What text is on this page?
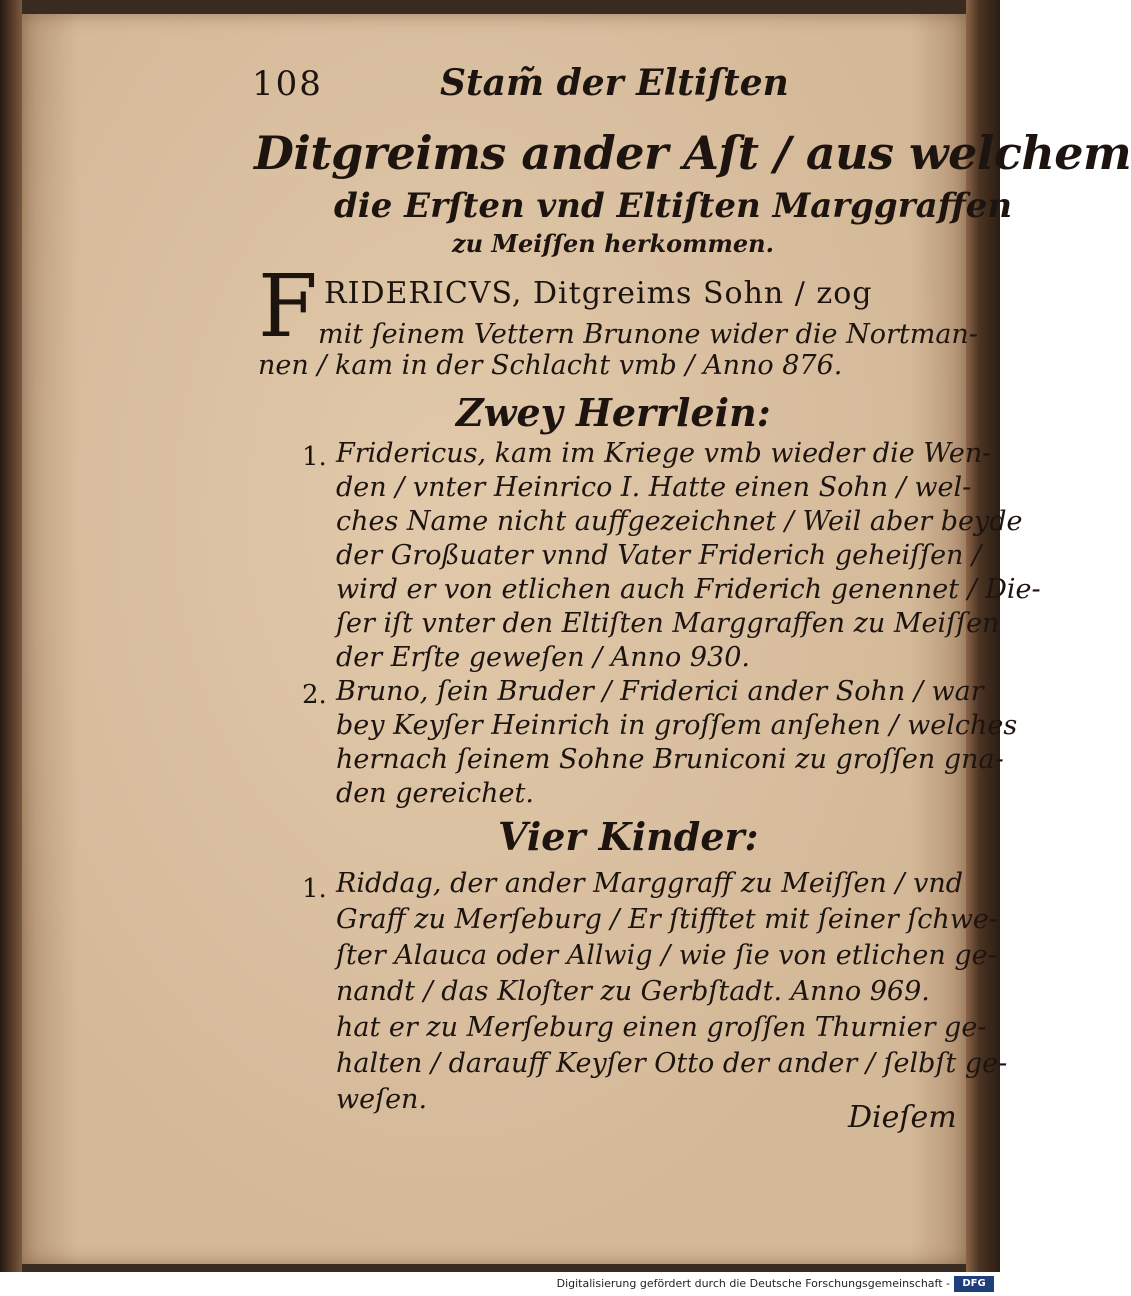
108	Stam̃ der Eltiſten
Ditgreims ander Aſt / aus welchem
die Erſten vnd Eltiſten Marggraffen
zu Meiſſen herkommen.
F RIDERICVS, Ditgreims Sohn / zog
mit ſeinem Vettern Brunone wider die Nortman-
nen / kam in der Schlacht vmb / Anno 876.
Zwey Herrlein:
1. Fridericus, kam im Kriege vmb wieder die Wen-
den / vnter Heinrico I. Hatte einen Sohn / wel-
ches Name nicht auffgezeichnet / Weil aber beyde
der Großuater vnnd Vater Friderich geheiſſen /
wird er von etlichen auch Friderich genennet / Die-
ſer iſt vnter den Eltiſten Marggraffen zu Meiſſen
der Erſte geweſen / Anno 930.
2. Bruno, ſein Bruder / Friderici ander Sohn / war
bey Keyſer Heinrich in groſſem anſehen / welches
hernach ſeinem Sohne Bruniconi zu groſſen gna-
den gereichet.
Vier Kinder:
1. Riddag, der ander Marggraff zu Meiſſen / vnd
Graff zu Merſeburg / Er ſtifftet mit ſeiner ſchwe-
ſter Alauca oder Allwig / wie ſie von etlichen ge-
nandt / das Kloſter zu Gerbſtadt. Anno 969.
hat er zu Merſeburg einen groſſen Thurnier ge-
halten / darauff Keyſer Otto der ander / ſelbſt ge-
weſen.
Dieſem
Digitalisierung gefördert durch die Deutsche Forschungsgemeinschaft -	DFG
